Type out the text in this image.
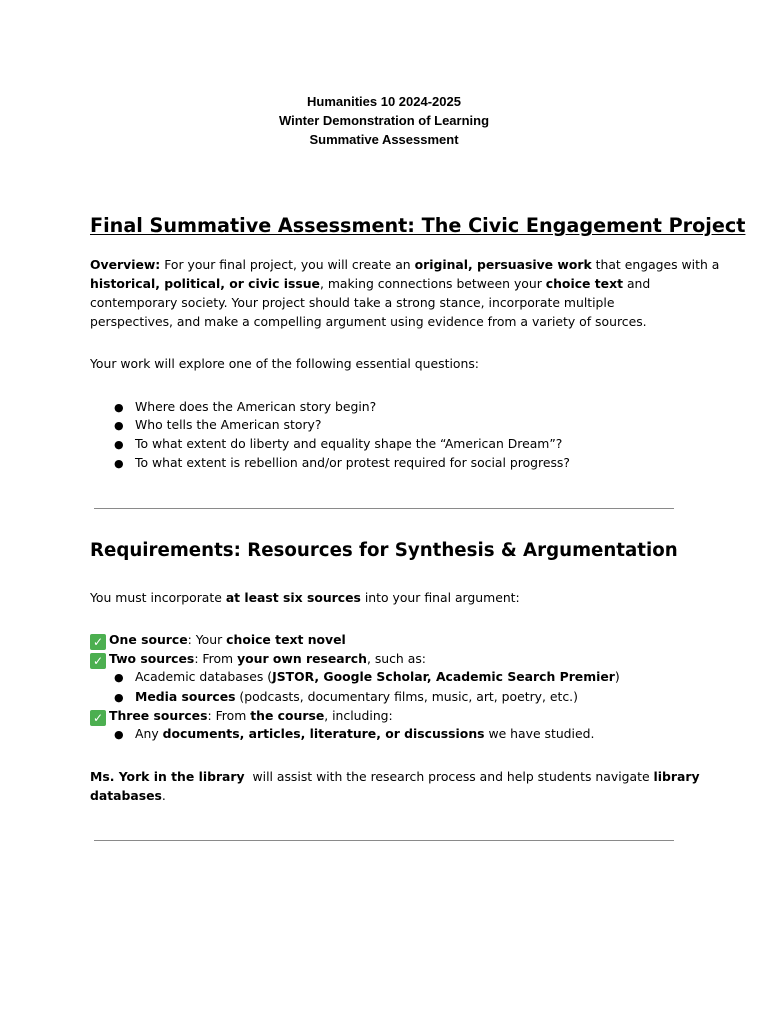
Humanities 10 2024-2025
Winter Demonstration of Learning
Summative Assessment
Final Summative Assessment: The Civic Engagement Project
Overview: For your final project, you will create an original, persuasive work that engages with a
historical, political, or civic issue, making connections between your choice text and
contemporary society. Your project should take a strong stance, incorporate multiple
perspectives, and make a compelling argument using evidence from a variety of sources.
Your work will explore one of the following essential questions:
● Where does the American story begin?
● Who tells the American story?
● To what extent do liberty and equality shape the “American Dream”?
● To what extent is rebellion and/or protest required for social progress?
Requirements: Resources for Synthesis & Argumentation
You must incorporate at least six sources into your final argument:
✓ One source: Your choice text novel
✓ Two sources: From your own research, such as:
● Academic databases (JSTOR, Google Scholar, Academic Search Premier)
● Media sources (podcasts, documentary films, music, art, poetry, etc.)
✓ Three sources: From the course, including:
● Any documents, articles, literature, or discussions we have studied.
Ms. York in the library  will assist with the research process and help students navigate library
databases.
